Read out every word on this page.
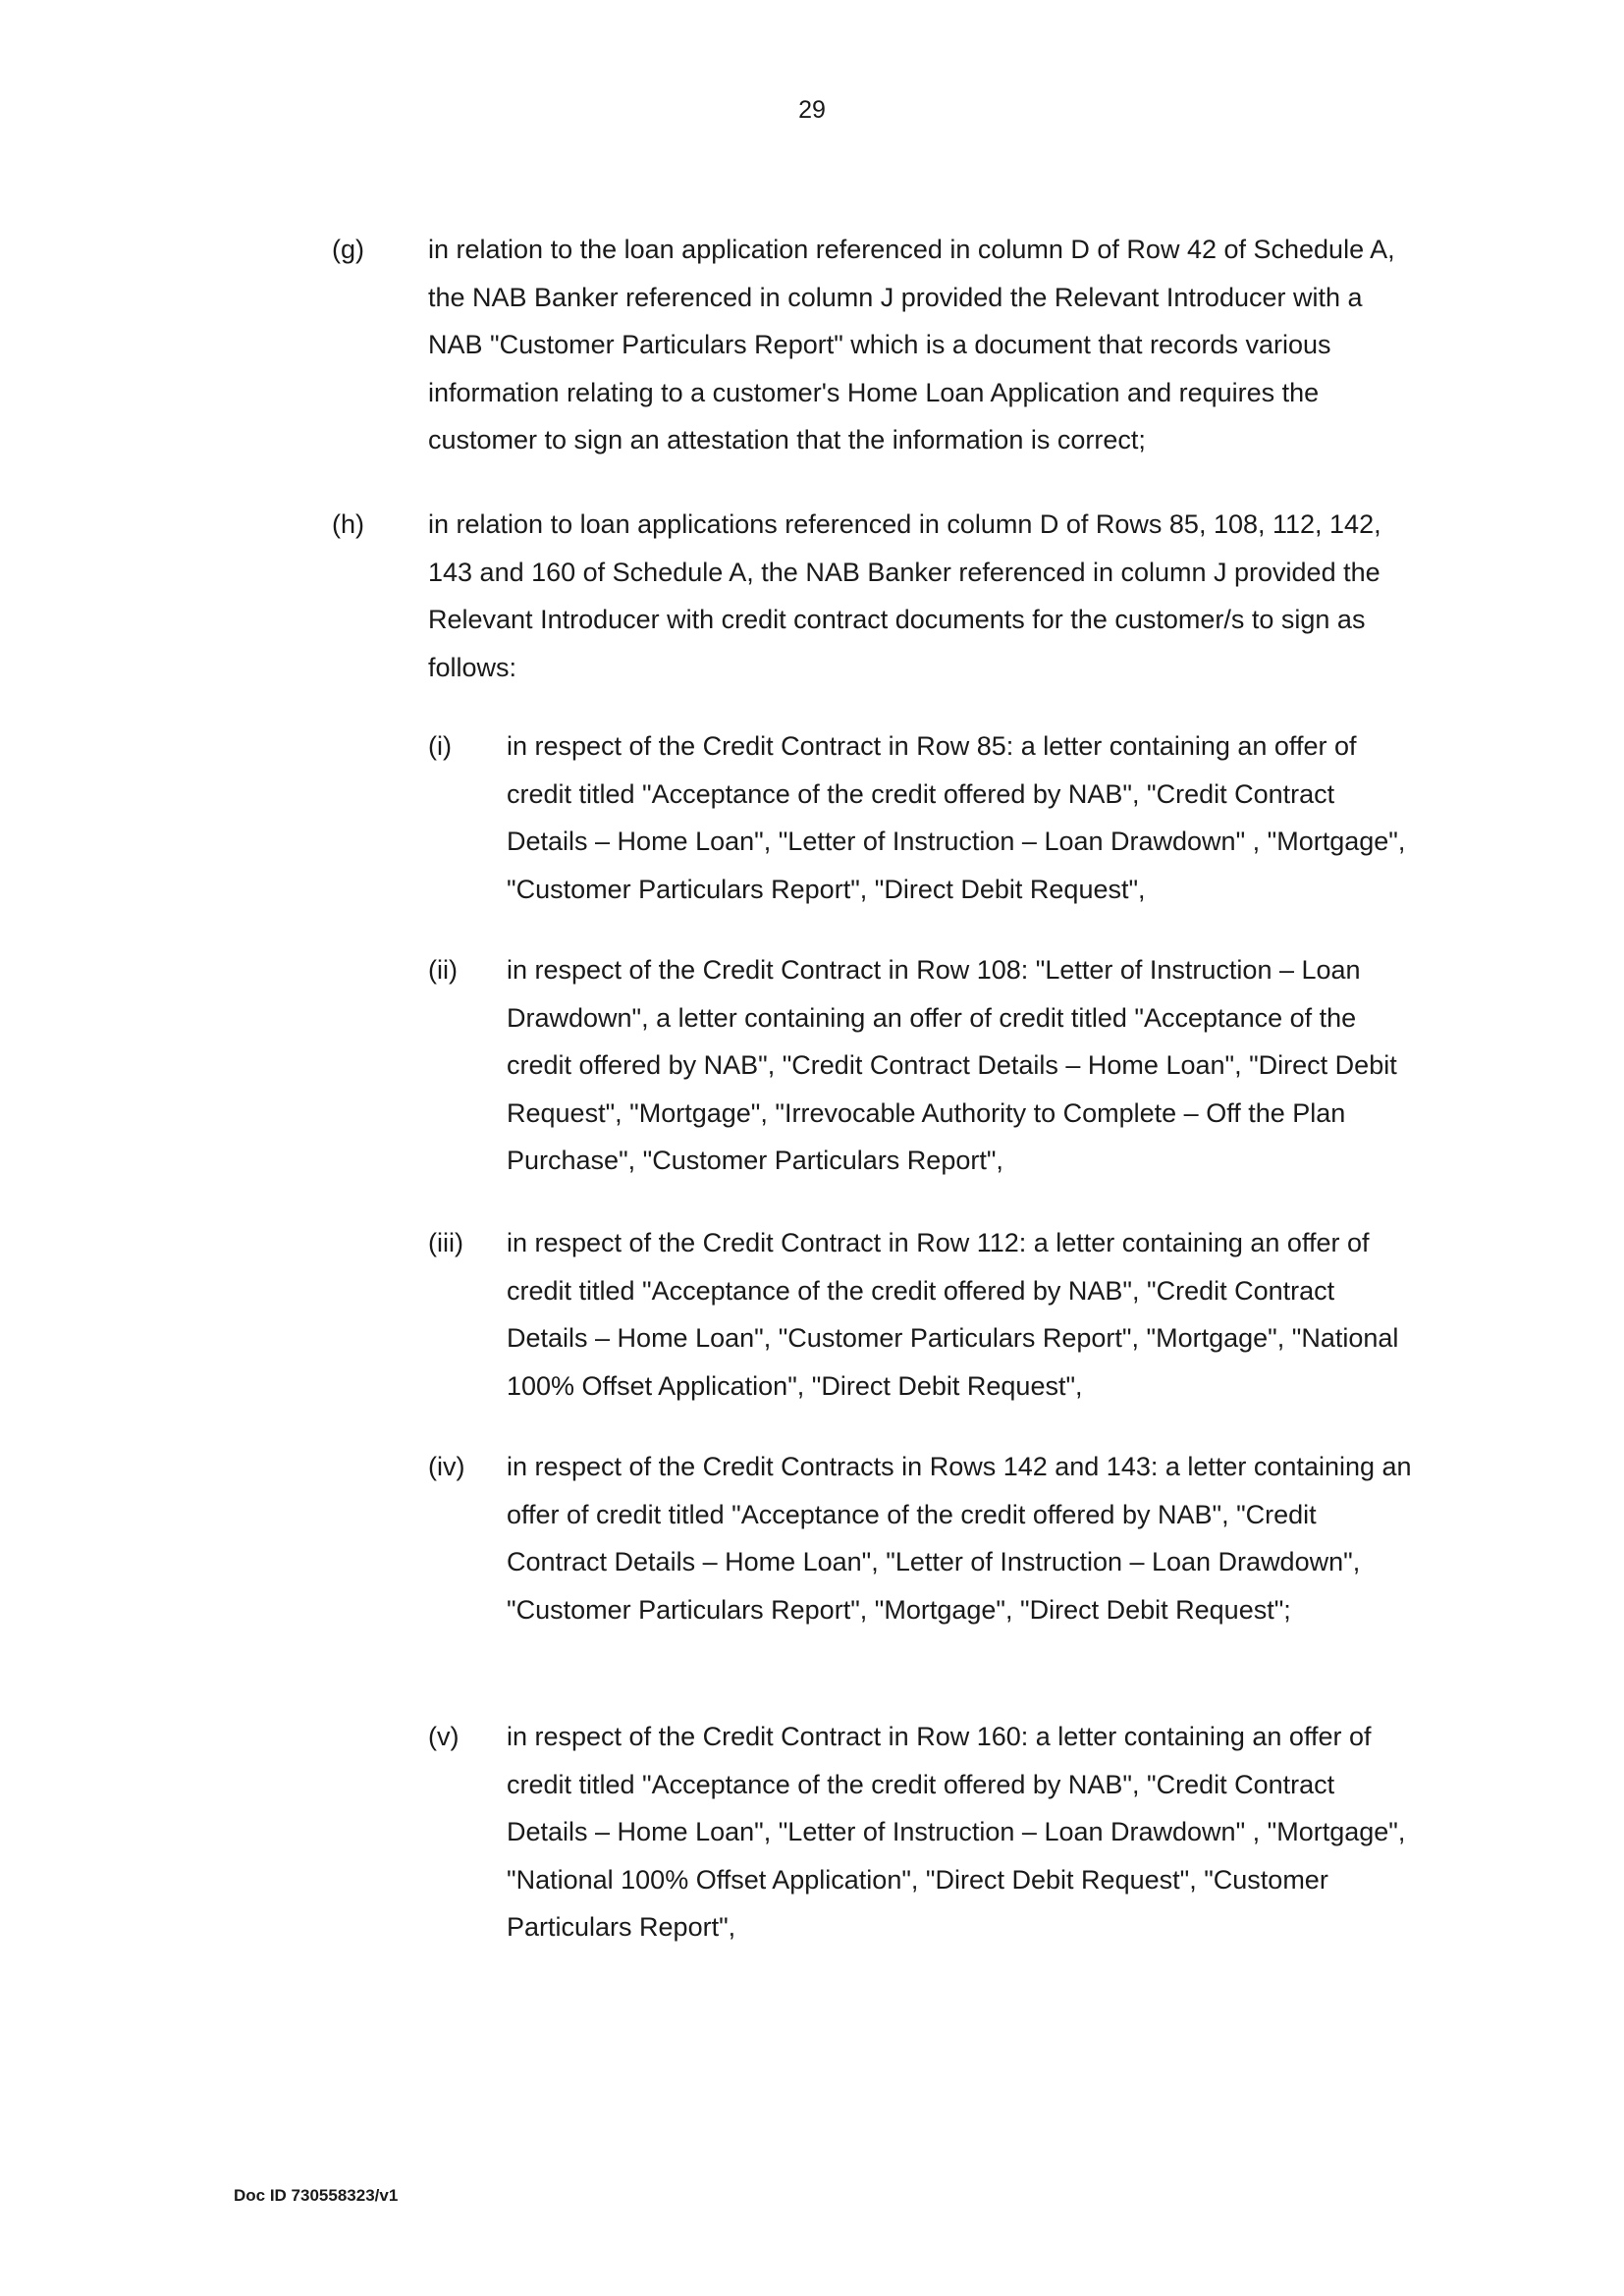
29
(g) in relation to the loan application referenced in column D of Row 42 of Schedule A, the NAB Banker referenced in column J provided the Relevant Introducer with a NAB "Customer Particulars Report" which is a document that records various information relating to a customer's Home Loan Application and requires the customer to sign an attestation that the information is correct;
(h) in relation to loan applications referenced in column D of Rows 85, 108, 112, 142, 143 and 160 of Schedule A, the NAB Banker referenced in column J provided the Relevant Introducer with credit contract documents for the customer/s to sign as follows:
(i) in respect of the Credit Contract in Row 85: a letter containing an offer of credit titled "Acceptance of the credit offered by NAB", "Credit Contract Details – Home Loan", "Letter of Instruction – Loan Drawdown" , "Mortgage", "Customer Particulars Report", "Direct Debit Request",
(ii) in respect of the Credit Contract in Row 108: "Letter of Instruction – Loan Drawdown", a letter containing an offer of credit titled "Acceptance of the credit offered by NAB", "Credit Contract Details – Home Loan", "Direct Debit Request", "Mortgage", "Irrevocable Authority to Complete – Off the Plan Purchase", "Customer Particulars Report",
(iii) in respect of the Credit Contract in Row 112: a letter containing an offer of credit titled "Acceptance of the credit offered by NAB", "Credit Contract Details – Home Loan", "Customer Particulars Report", "Mortgage", "National 100% Offset Application", "Direct Debit Request",
(iv) in respect of the Credit Contracts in Rows 142 and 143: a letter containing an offer of credit titled "Acceptance of the credit offered by NAB", "Credit Contract Details – Home Loan", "Letter of Instruction – Loan Drawdown", "Customer Particulars Report", "Mortgage", "Direct Debit Request";
(v) in respect of the Credit Contract in Row 160: a letter containing an offer of credit titled "Acceptance of the credit offered by NAB", "Credit Contract Details – Home Loan", "Letter of Instruction – Loan Drawdown" , "Mortgage", "National 100% Offset Application", "Direct Debit Request", "Customer Particulars Report",
Doc ID 730558323/v1
